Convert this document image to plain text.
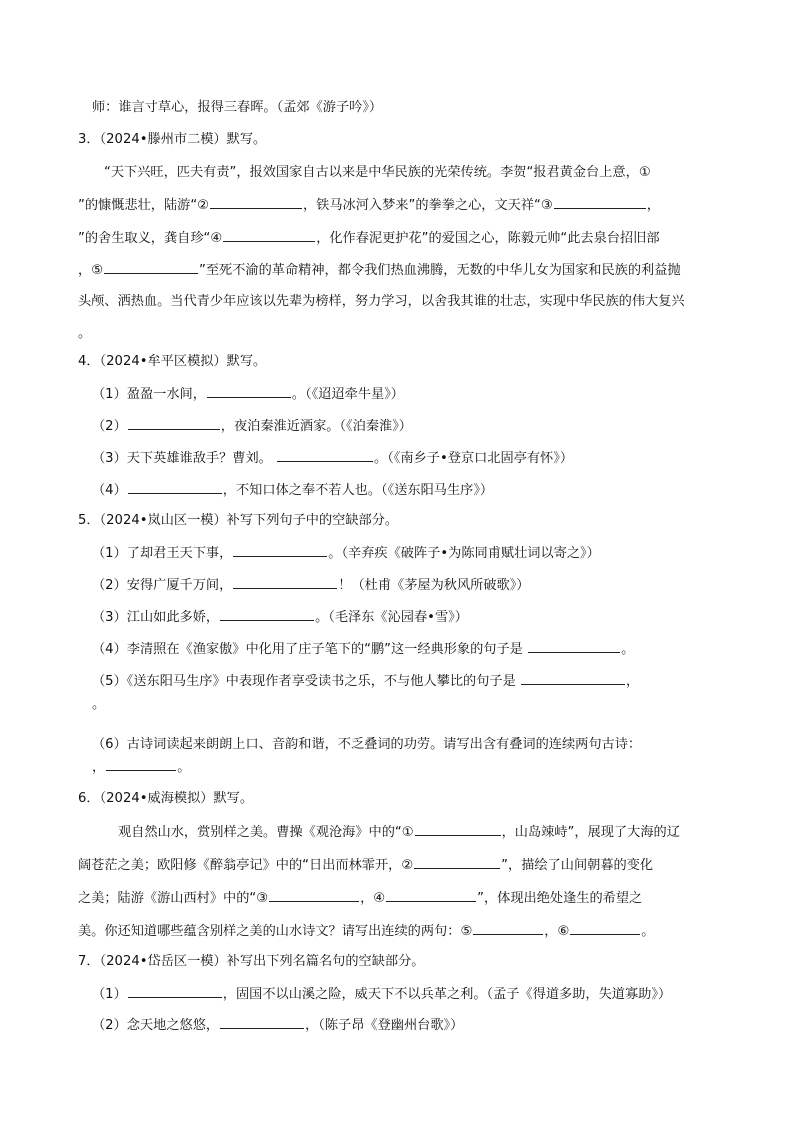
师：谁言寸草心，报得三春晖。（孟郊《游子吟》）
3．（2024•滕州市二模）默写。
“天下兴旺，匹夫有责”，报效国家自古以来是中华民族的光荣传统。李贺“报君黄金台上意，①
”的慷慨悲壮，陆游“②	，铁马冰河入梦来”的拳拳之心，文天祥“③	，
”的舍生取义，龚自珍“④	，化作春泥更护花”的爱国之心，陈毅元帅“此去泉台招旧部
，⑤	”至死不渝的革命精神，都令我们热血沸腾，无数的中华儿女为国家和民族的利益抛
头颅、洒热血。当代青少年应该以先辈为榜样，努力学习，以舍我其谁的壮志，实现中华民族的伟大复兴
。
4．（2024•牟平区模拟）默写。
（1）盈盈一水间，	。（《迢迢牵牛星》）
（2）	，夜泊秦淮近酒家。（《泊秦淮》）
（3）天下英雄谁敌手？曹刘。	。（《南乡子•登京口北固亭有怀》）
（4）	，不知口体之奉不若人也。（《送东阳马生序》）
5．（2024•岚山区一模）补写下列句子中的空缺部分。
（1）了却君王天下事，	。（辛弃疾《破阵子•为陈同甫赋壮词以寄之》）
（2）安得广厦千万间，	！（杜甫《茅屋为秋风所破歌》）
（3）江山如此多娇，	。（毛泽东《沁园春•雪》）
（4）李清照在《渔家傲》中化用了庄子笔下的“鹏”这一经典形象的句子是	。
（5）《送东阳马生序》中表现作者享受读书之乐，不与他人攀比的句子是	，
。
（6）古诗词读起来朗朗上口、音韵和谐，不乏叠词的功劳。请写出含有叠词的连续两句古诗：
，	。
6．（2024•威海模拟）默写。
观自然山水，赏别样之美。曹操《观沧海》中的“①	，山岛竦峙”，展现了大海的辽
阔苍茫之美；欧阳修《醉翁亭记》中的“日出而林霏开，②	”，描绘了山间朝暮的变化
之美；陆游《游山西村》中的“③	，④	”，体现出绝处逢生的希望之
美。你还知道哪些蕴含别样之美的山水诗文？请写出连续的两句：⑤	，⑥	。
7．（2024•岱岳区一模）补写出下列名篇名句的空缺部分。
（1）	，固国不以山溪之险，威天下不以兵革之利。（孟子《得道多助，失道寡助》）
（2）念天地之悠悠，	，（陈子昂《登幽州台歌》）
